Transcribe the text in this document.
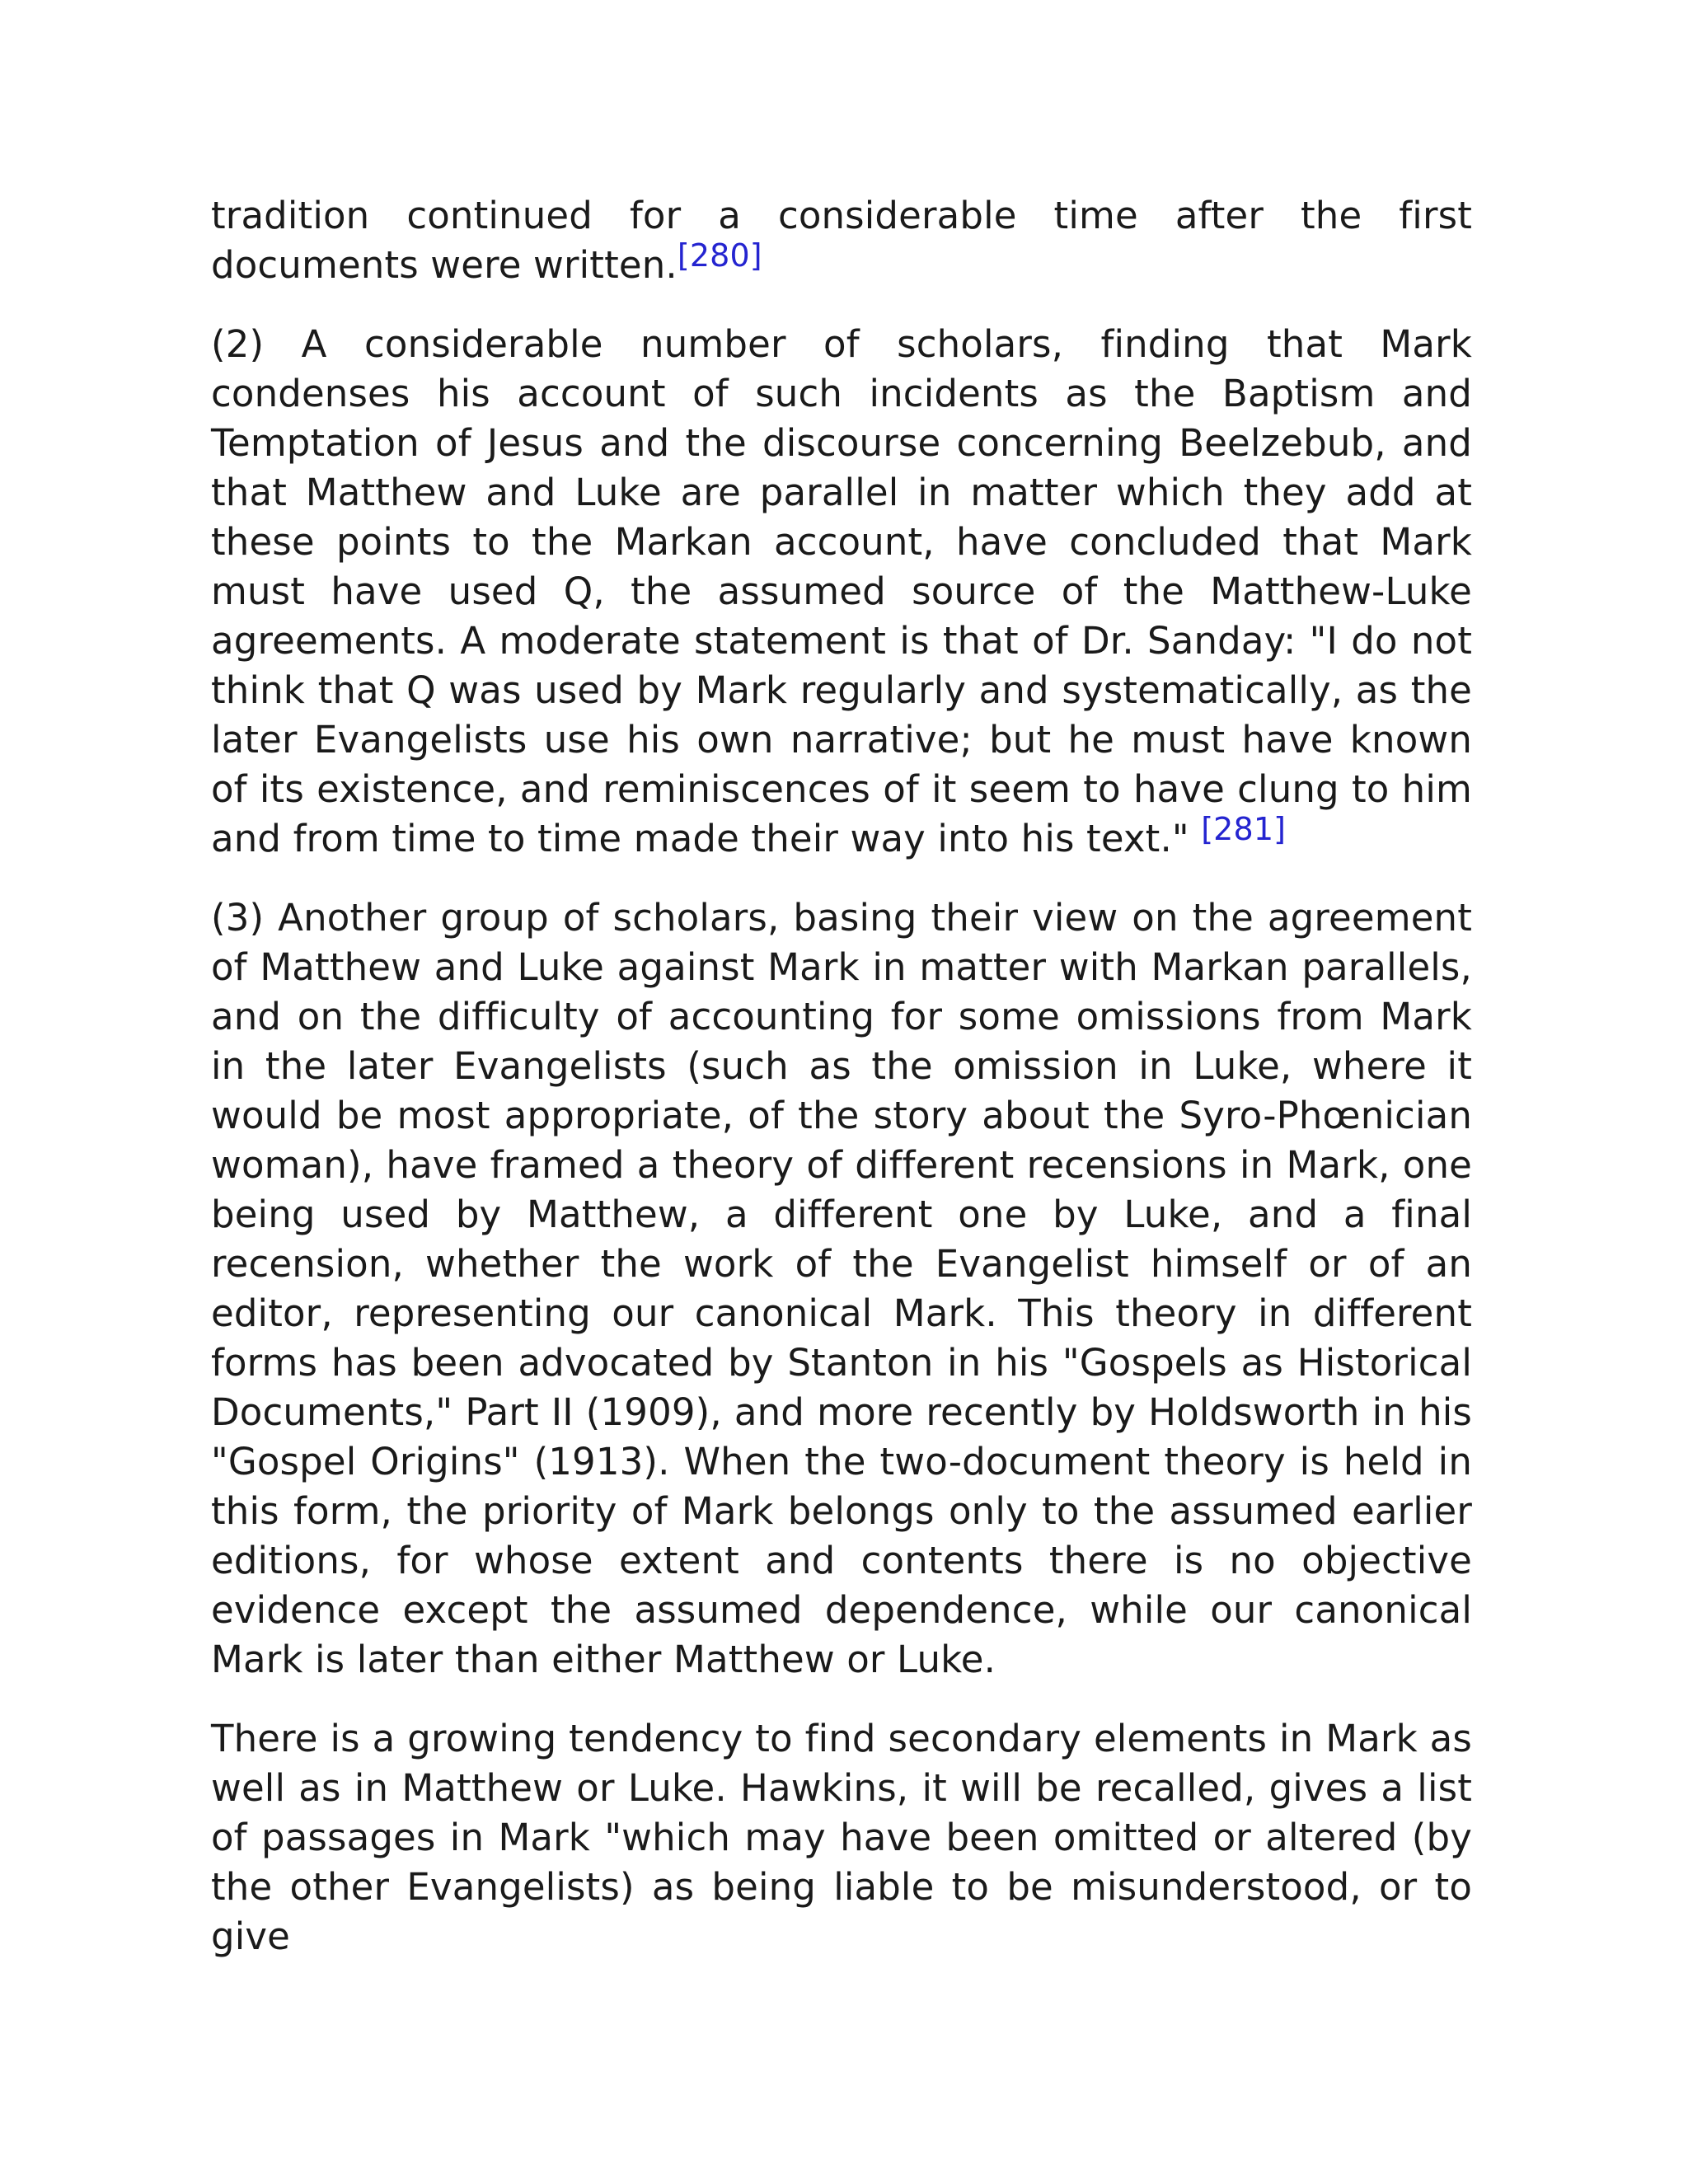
tradition continued for a considerable time after the first documents were written.[280]

(2) A considerable number of scholars, finding that Mark condenses his account of such incidents as the Baptism and Temptation of Jesus and the discourse concerning Beelzebub, and that Matthew and Luke are parallel in matter which they add at these points to the Markan account, have concluded that Mark must have used Q, the assumed source of the Matthew-Luke agreements. A moderate statement is that of Dr. Sanday: "I do not think that Q was used by Mark regularly and systematically, as the later Evangelists use his own narrative; but he must have known of its existence, and reminiscences of it seem to have clung to him and from time to time made their way into his text." [281]

(3) Another group of scholars, basing their view on the agreement of Matthew and Luke against Mark in matter with Markan parallels, and on the difficulty of accounting for some omissions from Mark in the later Evangelists (such as the omission in Luke, where it would be most appropriate, of the story about the Syro-Phœnician woman), have framed a theory of different recensions in Mark, one being used by Matthew, a different one by Luke, and a final recension, whether the work of the Evangelist himself or of an editor, representing our canonical Mark. This theory in different forms has been advocated by Stanton in his "Gospels as Historical Documents," Part II (1909), and more recently by Holdsworth in his "Gospel Origins" (1913). When the two-document theory is held in this form, the priority of Mark belongs only to the assumed earlier editions, for whose extent and contents there is no objective evidence except the assumed dependence, while our canonical Mark is later than either Matthew or Luke.

There is a growing tendency to find secondary elements in Mark as well as in Matthew or Luke. Hawkins, it will be recalled, gives a list of passages in Mark "which may have been omitted or altered (by the other Evangelists) as being liable to be misunderstood, or to give
